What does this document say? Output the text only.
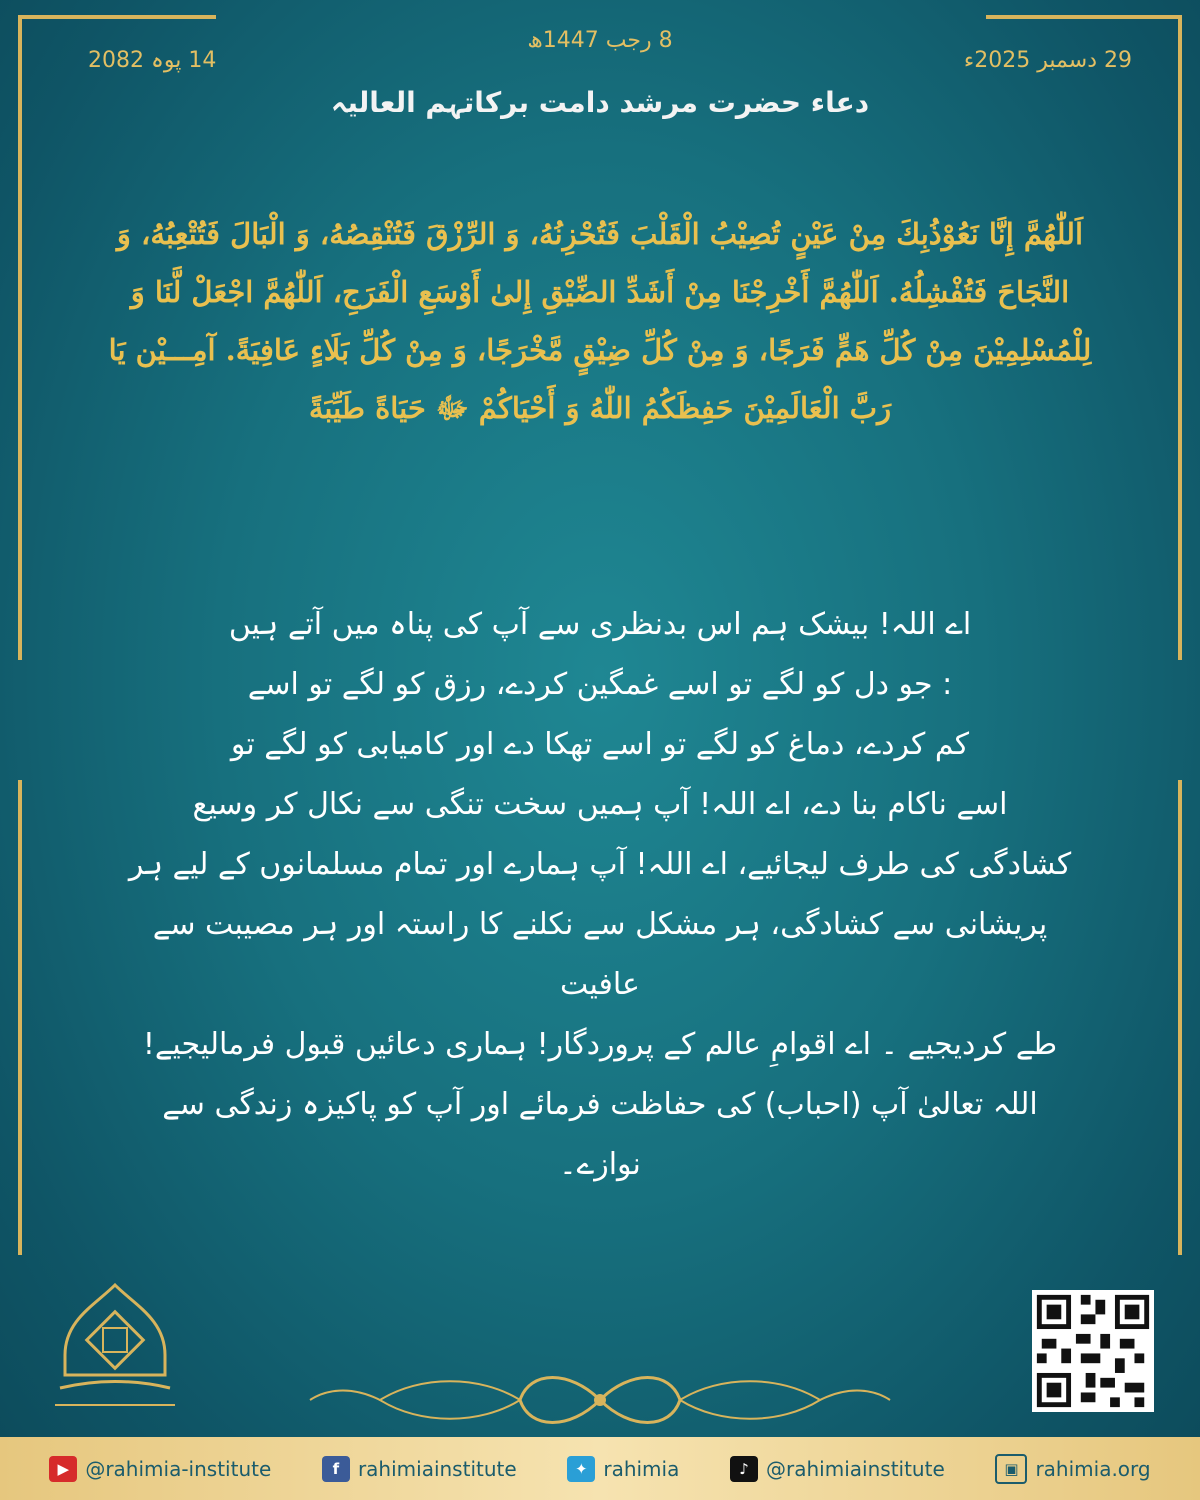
8 رجب 1447ھ
29 دسمبر 2025ء
14 پوہ 2082
دعاء حضرت مرشد دامت برکاتہم العالیہ
اَللّٰهُمَّ إِنَّا نَعُوْذُبِكَ مِنْ عَيْنٍ تُصِيْبُ الْقَلْبَ فَتُحْزِنُهُ، وَ الرِّزْقَ فَتُنْقِصُهُ، وَ الْبَالَ فَتُتْعِبُهُ، وَ النَّجَاحَ فَتُفْشِلُهُ. اَللّٰهُمَّ أَخْرِجْنَا مِنْ أَشَدِّ الضِّيْقِ إِلىٰ أَوْسَعِ الْفَرَجِ، اَللّٰهُمَّ اجْعَلْ لَّنَا وَ لِلْمُسْلِمِيْنَ مِنْ كُلِّ هَمٍّ فَرَجًا، وَ مِنْ كُلِّ ضِيْقٍ مَّخْرَجًا، وَ مِنْ كُلِّ بَلَاءٍ عَافِيَةً. آمِـــيْن يَا رَبَّ الْعَالَمِيْنَ حَفِظَكُمُ اللّٰهُ وَ أَحْيَاكُمْ ﷻ حَيَاةً طَيِّبَةً
اے اللہ! بیشک ہم اس بدنظری سے آپ کی پناہ میں آتے ہیں
: جو دل کو لگے تو اسے غمگین کردے، رزق کو لگے تو اسے
کم کردے، دماغ کو لگے تو اسے تھکا دے اور کامیابی کو لگے تو
اسے ناکام بنا دے، اے اللہ! آپ ہمیں سخت تنگی سے نکال کر وسیع
کشادگی کی طرف لیجائیے، اے اللہ! آپ ہمارے اور تمام مسلمانوں کے لیے ہر
پریشانی سے کشادگی، ہر مشکل سے نکلنے کا راستہ اور ہر مصیبت سے عافیت
طے کردیجیے ۔ اے اقوامِ عالم کے پروردگار! ہماری دعائیں قبول فرمالیجیے!
اللہ تعالیٰ آپ (احباب) کی حفاظت فرمائے اور آپ کو پاکیزہ زندگی سے نوازے۔
▶ @rahimia-institute	f rahimiainstitute	✦ rahimia	♪ @rahimiainstitute	▣ rahimia.org
